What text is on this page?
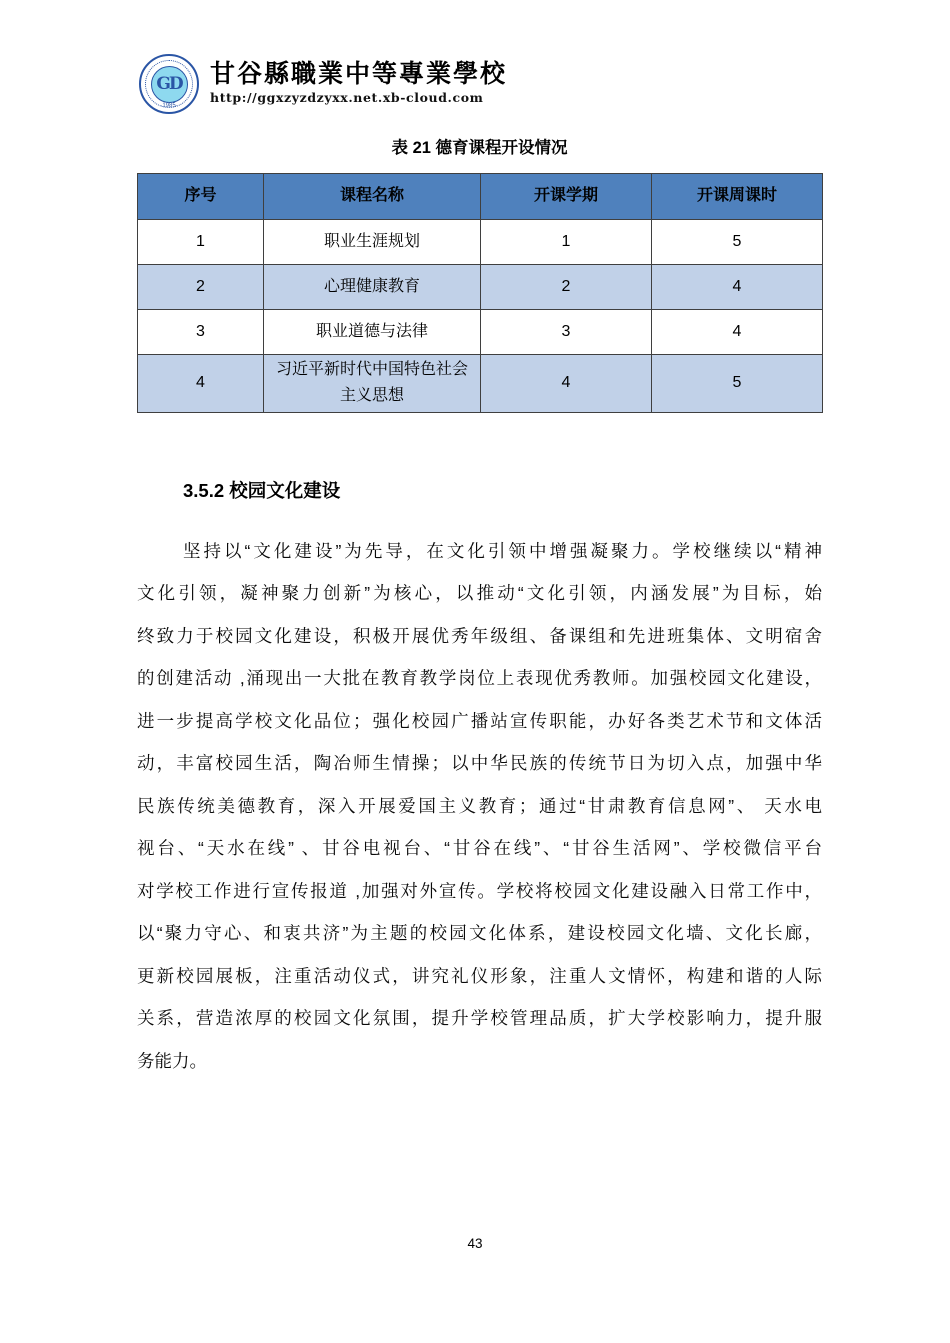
GD
·1985·
甘谷縣職業中等專業學校
http://ggxzyzdzyxx.net.xb-cloud.com
表 21 德育课程开设情况
序号	课程名称	开课学期	开课周课时
1	职业生涯规划	1	5
2	心理健康教育	2	4
3	职业道德与法律	3	4
4	习近平新时代中国特色社会主义思想	4	5
3.5.2 校园文化建设
坚持以“文化建设”为先导，在文化引领中增强凝聚力。学校继续以“精神
文化引领，凝神聚力创新”为核心，以推动“文化引领，内涵发展”为目标，始
终致力于校园文化建设，积极开展优秀年级组、备课组和先进班集体、文明宿舍
的创建活动 ,涌现出一大批在教育教学岗位上表现优秀教师。加强校园文化建设，
进一步提高学校文化品位；强化校园广播站宣传职能，办好各类艺术节和文体活
动，丰富校园生活，陶冶师生情操；以中华民族的传统节日为切入点，加强中华
民族传统美德教育，深入开展爱国主义教育；通过“甘肃教育信息网”、 天水电
视台、“天水在线” 、甘谷电视台、“甘谷在线”、“甘谷生活网”、学校微信平台
对学校工作进行宣传报道 ,加强对外宣传。学校将校园文化建设融入日常工作中，
以“聚力守心、和衷共济”为主题的校园文化体系，建设校园文化墙、文化长廊，
更新校园展板，注重活动仪式，讲究礼仪形象，注重人文情怀，构建和谐的人际
关系，营造浓厚的校园文化氛围，提升学校管理品质，扩大学校影响力，提升服
务能力。
43
